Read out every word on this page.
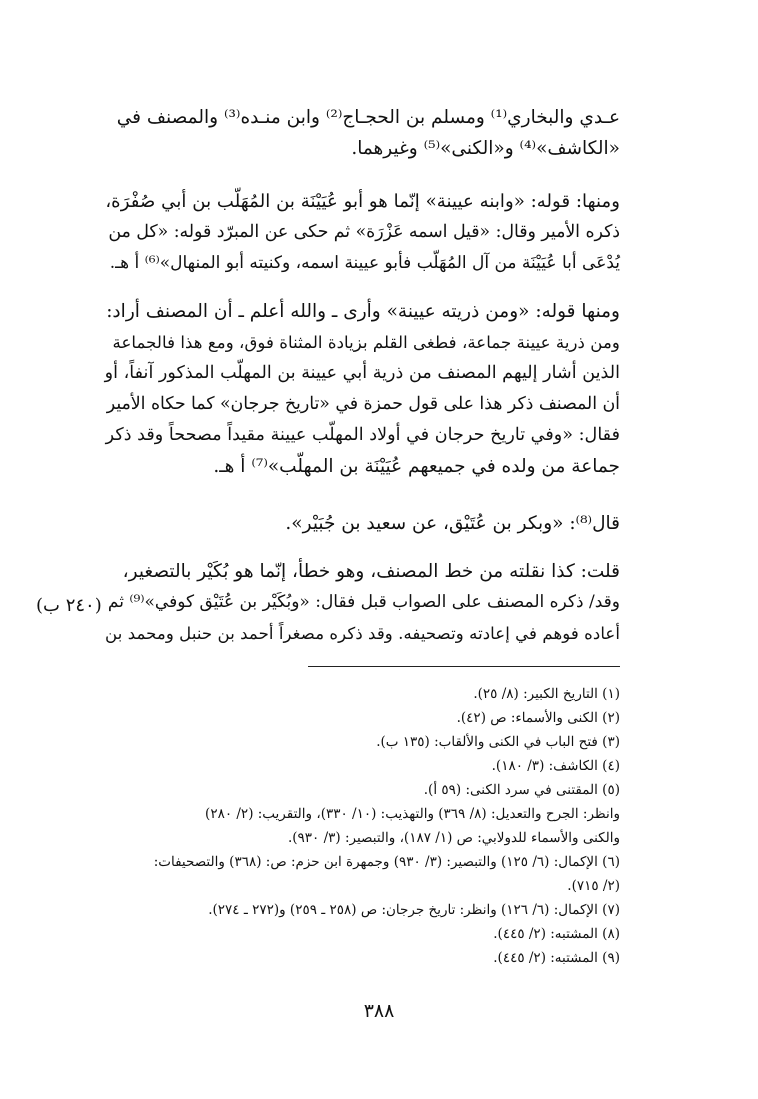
عـدي والبخاري⁽¹⁾ ومسلم بن الحجـاج⁽²⁾ وابن منـده⁽³⁾ والمصنف في
«الكاشف»⁽⁴⁾ و«الكنى»⁽⁵⁾ وغيرهما.

ومنها: قوله: «وابنه عيينة» إنّما هو أبو عُيَيْنَة بن المُهَلّب بن أبي صُفْرَة،
ذكره الأمير وقال: «قيل اسمه عَزْرَة» ثم حكى عن المبرّد قوله: «كل من
يُدْعَى أبا عُيَيْنَة من آل المُهَلّب فأبو عيينة اسمه، وكنيته أبو المنهال»⁽⁶⁾ أ هـ.

ومنها قوله: «ومن ذريته عيينة» وأرى ـ والله أعلم ـ أن المصنف أراد:
ومن ذرية عيينة جماعة، فطغى القلم بزيادة المثناة فوق، ومع هذا فالجماعة
الذين أشار إليهم المصنف من ذرية أبي عيينة بن المهلّب المذكور آنفاً، أو
أن المصنف ذكر هذا على قول حمزة في «تاريخ جرجان» كما حكاه الأمير
فقال: «وفي تاريخ حرجان في أولاد المهلّب عيينة مقيداً مصححاً وقد ذكر
جماعة من ولده في جميعهم عُيَيْنَة بن المهلّب»⁽⁷⁾ أ هـ.

قال⁽⁸⁾: «وبكر بن عُتَيْق، عن سعيد بن جُبَيْر».

قلت: كذا نقلته من خط المصنف، وهو خطأ، إنّما هو بُكَيْر بالتصغير،
وقد/ ذكره المصنف على الصواب قبل فقال: «وبُكَيْر بن عُتَيْق كوفي»⁽⁹⁾ ثم
أعاده فوهم في إعادته وتصحيفه. وقد ذكره مصغراً أحمد بن حنبل ومحمد بن

(٢٤٠ ب)
(١) التاريخ الكبير: (٨/ ٢٥).
(٢) الكنى والأسماء: ص (٤٢).
(٣) فتح الباب في الكنى والألقاب: (١٣٥ ب).
(٤) الكاشف: (٣/ ١٨٠).
(٥) المقتنى في سرد الكنى: (٥٩ أ).
وانظر: الجرح والتعديل: (٨/ ٣٦٩) والتهذيب: (١٠/ ٣٣٠)، والتقريب: (٢/ ٢٨٠)
والكنى والأسماء للدولابي: ص (١/ ١٨٧)، والتبصير: (٣/ ٩٣٠).
(٦) الإكمال: (٦/ ١٢٥) والتبصير: (٣/ ٩٣٠) وجمهرة ابن حزم: ص: (٣٦٨) والتصحيفات:
(٢/ ٧١٥).
(٧) الإكمال: (٦/ ١٢٦) وانظر: تاريخ جرجان: ص (٢٥٨ ـ ٢٥٩) و(٢٧٢ ـ ٢٧٤).
(٨) المشتبه: (٢/ ٤٤٥).
(٩) المشتبه: (٢/ ٤٤٥).
٣٨٨
